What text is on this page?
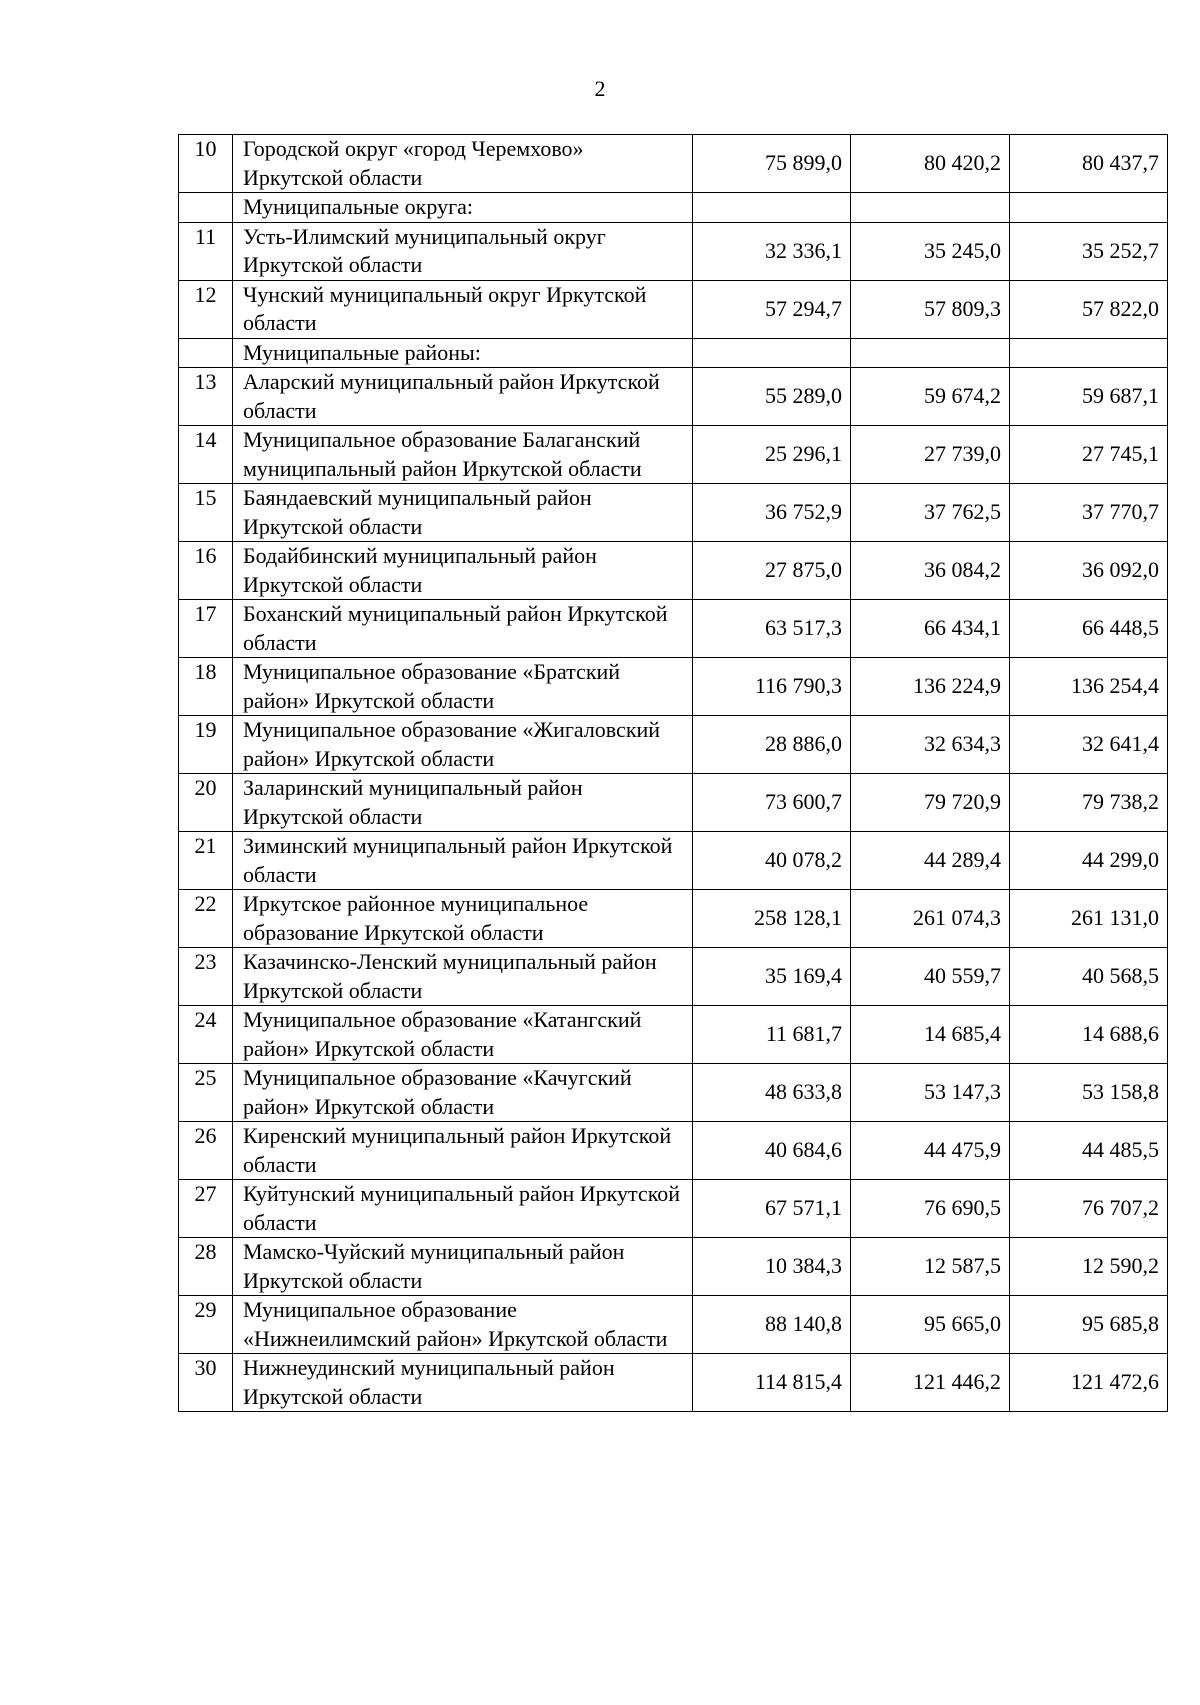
2
10	Городской округ «город Черемхово» Иркутской области	75 899,0	80 420,2	80 437,7
	Муниципальные округа:			
11	Усть-Илимский муниципальный округ Иркутской области	32 336,1	35 245,0	35 252,7
12	Чунский муниципальный округ Иркутской области	57 294,7	57 809,3	57 822,0
	Муниципальные районы:			
13	Аларский муниципальный район Иркутской области	55 289,0	59 674,2	59 687,1
14	Муниципальное образование Балаганский муниципальный район Иркутской области	25 296,1	27 739,0	27 745,1
15	Баяндаевский муниципальный район Иркутской области	36 752,9	37 762,5	37 770,7
16	Бодайбинский муниципальный район Иркутской области	27 875,0	36 084,2	36 092,0
17	Боханский муниципальный район Иркутской области	63 517,3	66 434,1	66 448,5
18	Муниципальное образование «Братский район» Иркутской области	116 790,3	136 224,9	136 254,4
19	Муниципальное образование «Жигаловский район» Иркутской области	28 886,0	32 634,3	32 641,4
20	Заларинский муниципальный район Иркутской области	73 600,7	79 720,9	79 738,2
21	Зиминский муниципальный район Иркутской области	40 078,2	44 289,4	44 299,0
22	Иркутское районное муниципальное образование Иркутской области	258 128,1	261 074,3	261 131,0
23	Казачинско-Ленский муниципальный район Иркутской области	35 169,4	40 559,7	40 568,5
24	Муниципальное образование «Катангский район» Иркутской области	11 681,7	14 685,4	14 688,6
25	Муниципальное образование «Качугский район» Иркутской области	48 633,8	53 147,3	53 158,8
26	Киренский муниципальный район Иркутской области	40 684,6	44 475,9	44 485,5
27	Куйтунский муниципальный район Иркутской области	67 571,1	76 690,5	76 707,2
28	Мамско-Чуйский муниципальный район Иркутской области	10 384,3	12 587,5	12 590,2
29	Муниципальное образование «Нижнеилимский район» Иркутской области	88 140,8	95 665,0	95 685,8
30	Нижнеудинский муниципальный район Иркутской области	114 815,4	121 446,2	121 472,6
